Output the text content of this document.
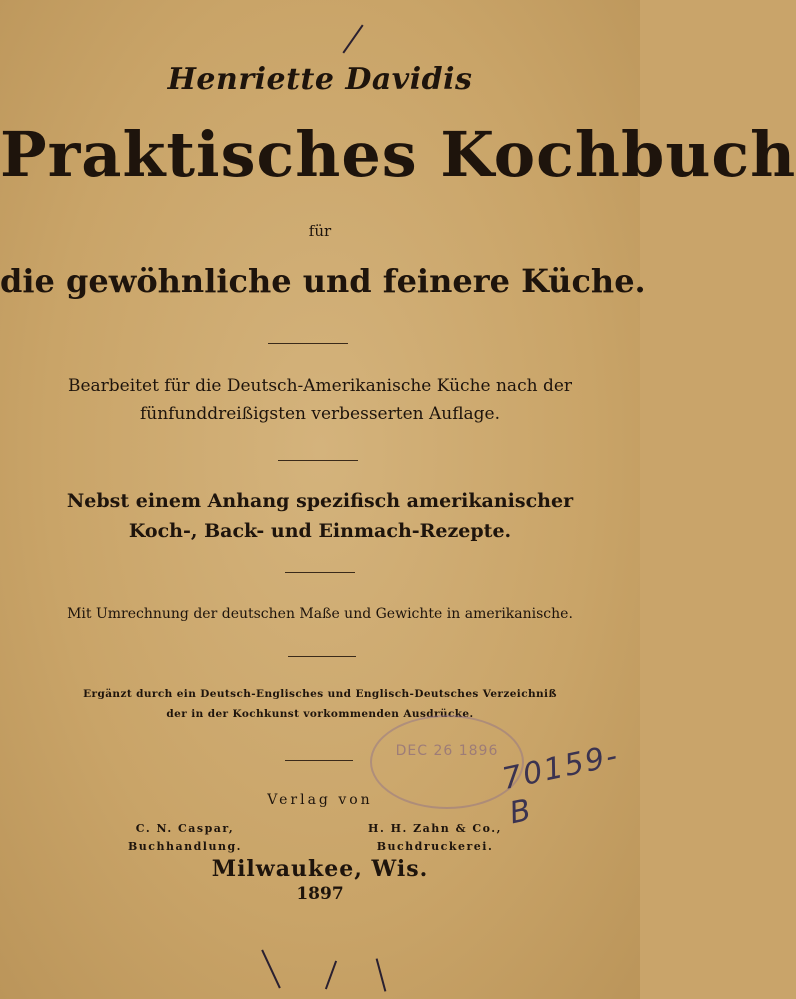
Henriette Davidis
Praktisches Kochbuch
für
die gewöhnliche und feinere Küche.
Bearbeitet für die Deutsch-Amerikanische Küche nach der
fünfunddreißigsten verbesserten Auflage.
Nebst einem Anhang spezifisch amerikanischer
Koch-, Back- und Einmach-Rezepte.
Mit Umrechnung der deutschen Maße und Gewichte in amerikanische.
Ergänzt durch ein Deutsch-Englisches und Englisch-Deutsches Verzeichniß
der in der Kochkunst vorkommenden Ausdrücke.
DEC 26 1896 70159-B
Verlag von
C. N. Caspar,
Buchhandlung.
H. H. Zahn & Co.,
Buchdruckerei.
Milwaukee, Wis.
1897
